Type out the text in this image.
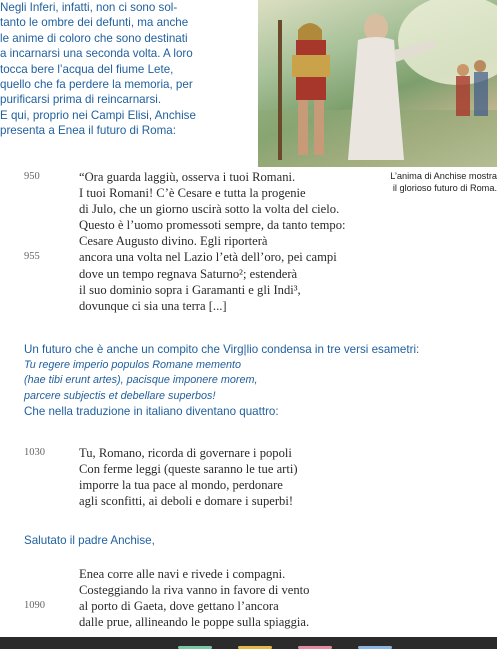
Negli Inferi, infatti, non ci sono sol-
tanto le ombre dei defunti, ma anche
le anime di coloro che sono destinati
a incarnarsi una seconda volta. A loro
tocca bere l’acqua del fiume Lete,
quello che fa perdere la memoria, per
purificarsi prima di reincarnarsi.
E qui, proprio nei Campi Elisi, Anchise
presenta a Enea il futuro di Roma:
L’anima di Anchise mostra
il glorioso futuro di Roma.
950	“Ora guarda laggiù, osserva i tuoi Romani.
I tuoi Romani! C’è Cesare e tutta la progenie
di Julo, che un giorno uscirà sotto la volta del cielo.
Questo è l’uomo promessoti sempre, da tanto tempo:
Cesare Augusto divino. Egli riporterà
955	ancora una volta nel Lazio l’età dell’oro, pei campi
dove un tempo regnava Saturno²; estenderà
il suo dominio sopra i Garamanti e gli Indi³,
dovunque ci sia una terra [...]
Un futuro che è anche un compito che Virg|lio condensa in tre versi esametri:
Tu regere imperio populos Romane memento
(hae tibi erunt artes), pacisque imponere morem,
parcere subjectis et debellare superbos!
Che nella traduzione in italiano diventano quattro:
1030	Tu, Romano, ricorda di governare i popoli
Con ferme leggi (queste saranno le tue arti)
imporre la tua pace al mondo, perdonare
agli sconfitti, ai deboli e domare i superbi!
Salutato il padre Anchise,
Enea corre alle navi e rivede i compagni.
Costeggiando la riva vanno in favore di vento
1090	al porto di Gaeta, dove gettano l’ancora
dalle prue, allineando le poppe sulla spiaggia.
